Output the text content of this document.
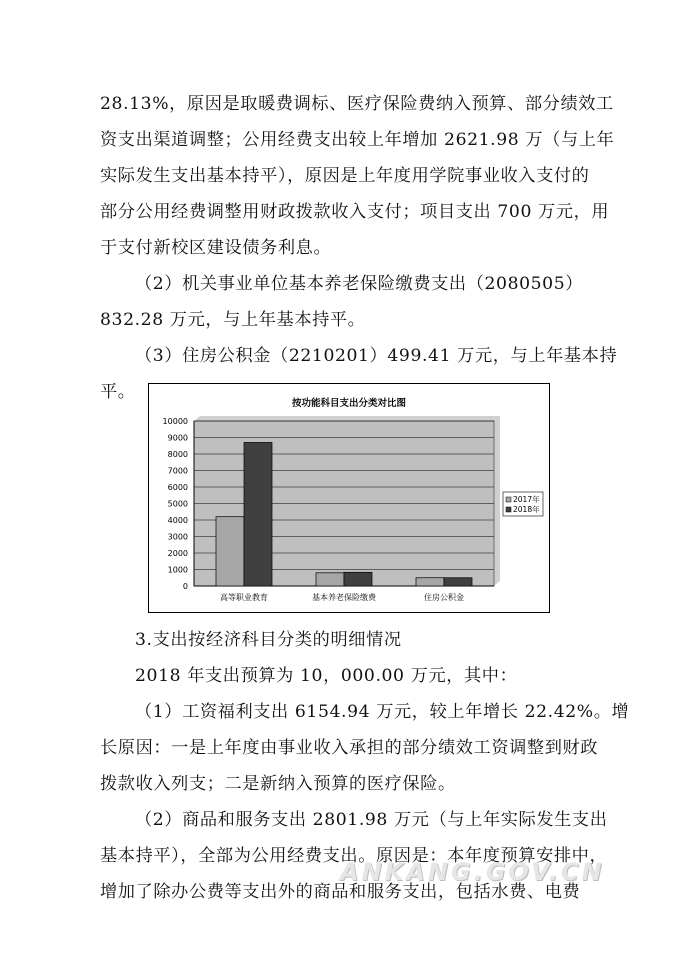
28.13%，原因是取暖费调标、医疗保险费纳入预算、部分绩效工
资支出渠道调整；公用经费支出较上年增加 2621.98 万（与上年
实际发生支出基本持平），原因是上年度用学院事业收入支付的
部分公用经费调整用财政拨款收入支付；项目支出 700 万元，用
于支付新校区建设债务利息。
（2）机关事业单位基本养老保险缴费支出（2080505）
832.28 万元，与上年基本持平。
（3）住房公积金（2210201）499.41 万元，与上年基本持
平。
按功能科目支出分类对比图
0
1000
2000
3000
4000
5000
6000
7000
8000
9000
10000
高等职业教育	基本养老保险缴费	住房公积金
2017年
2018年
3.支出按经济科目分类的明细情况
2018 年支出预算为 10，000.00 万元，其中：
（1）工资福利支出 6154.94 万元，较上年增长 22.42%。增
长原因：一是上年度由事业收入承担的部分绩效工资调整到财政
拨款收入列支；二是新纳入预算的医疗保险。
（2）商品和服务支出 2801.98 万元（与上年实际发生支出
基本持平），全部为公用经费支出。原因是：本年度预算安排中，
增加了除办公费等支出外的商品和服务支出，包括水费、电费
ANKANG.GOV.CN
